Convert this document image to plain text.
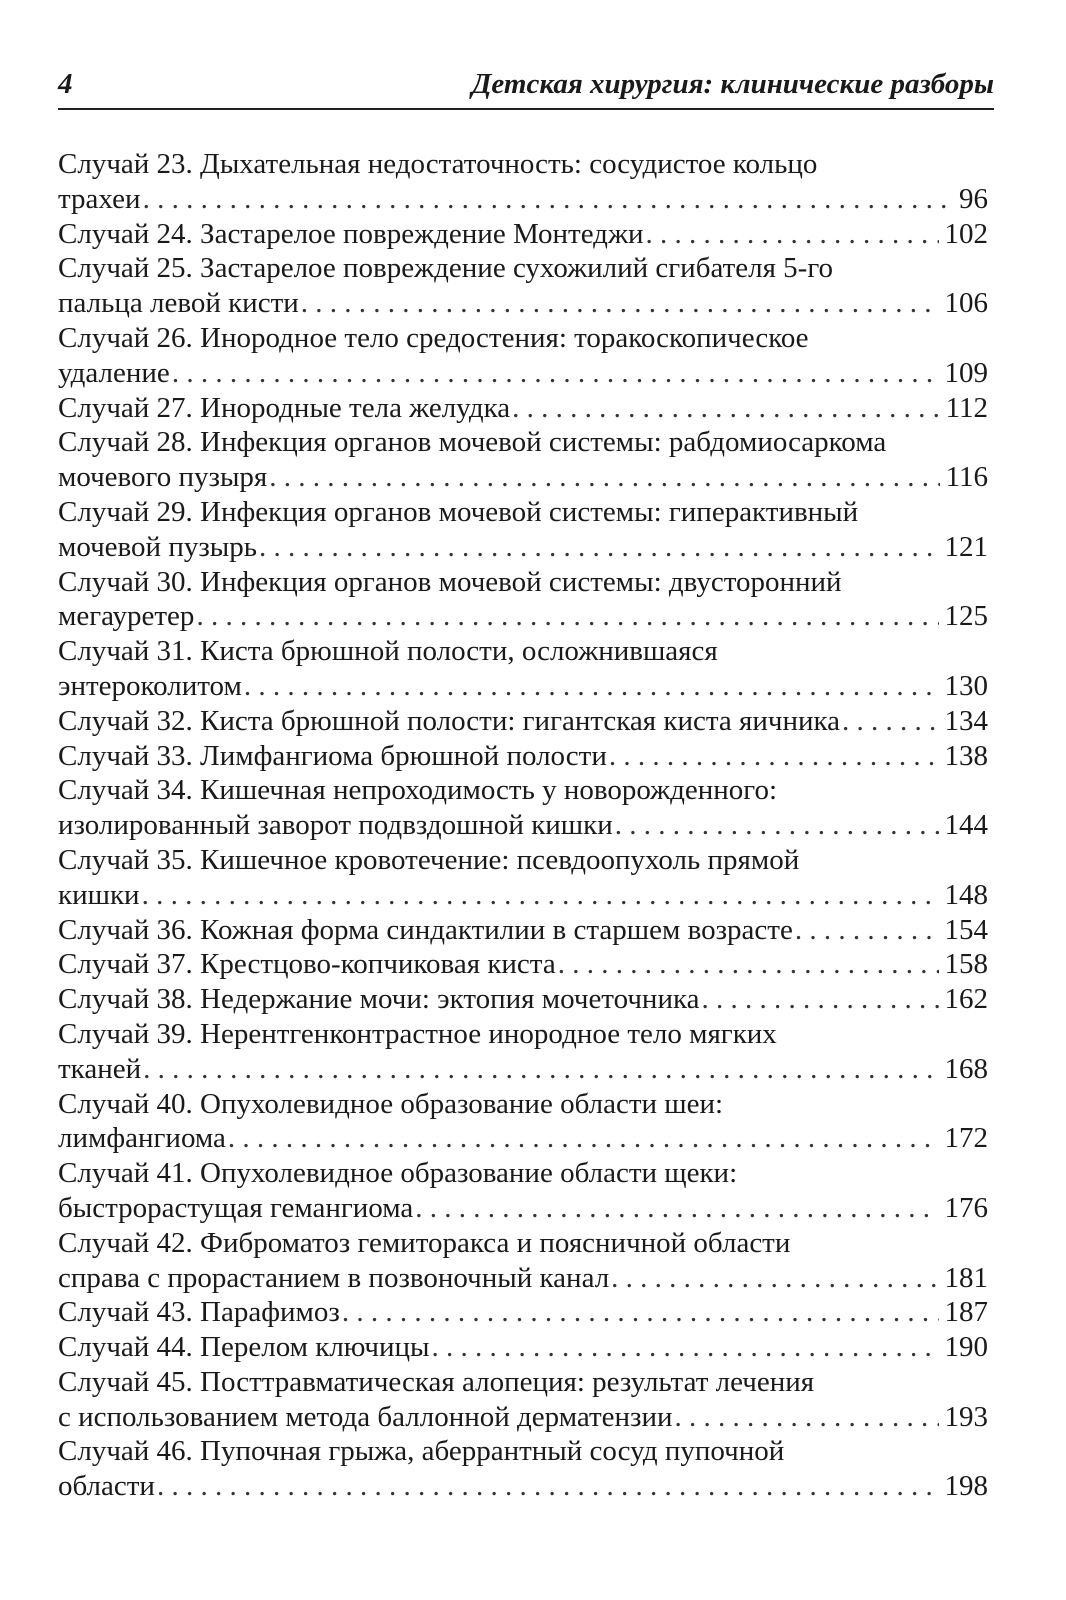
4	Детская хирургия: клинические разборы
Случай 23. Дыхательная недостаточность: сосудистое кольцо
трахеи . . .	96
Случай 24. Застарелое повреждение Монтеджи . . .	102
Случай 25. Застарелое повреждение сухожилий сгибателя 5-го
пальца левой кисти . . .	106
Случай 26. Инородное тело средостения: торакоскопическое
удаление . . .	109
Случай 27. Инородные тела желудка . . .	112
Случай 28. Инфекция органов мочевой системы: рабдомиосаркома
мочевого пузыря . . .	116
Случай 29. Инфекция органов мочевой системы: гиперактивный
мочевой пузырь . . .	121
Случай 30. Инфекция органов мочевой системы: двусторонний
мегауретер . . .	125
Случай 31. Киста брюшной полости, осложнившаяся
энтероколитом . . .	130
Случай 32. Киста брюшной полости: гигантская киста яичника . . .	134
Случай 33. Лимфангиома брюшной полости . . .	138
Случай 34. Кишечная непроходимость у новорожденного:
изолированный заворот подвздошной кишки . . .	144
Случай 35. Кишечное кровотечение: псевдоопухоль прямой
кишки . . .	148
Случай 36. Кожная форма синдактилии в старшем возрасте . . .	154
Случай 37. Крестцово-копчиковая киста . . .	158
Случай 38. Недержание мочи: эктопия мочеточника . . .	162
Случай 39. Нерентгенконтрастное инородное тело мягких
тканей . . .	168
Случай 40. Опухолевидное образование области шеи:
лимфангиома . . .	172
Случай 41. Опухолевидное образование области щеки:
быстрорастущая гемангиома . . .	176
Случай 42. Фиброматоз гемиторакса и поясничной области
справа с прорастанием в позвоночный канал . . .	181
Случай 43. Парафимоз . . .	187
Случай 44. Перелом ключицы . . .	190
Случай 45. Посттравматическая алопеция: результат лечения
с использованием метода баллонной дерматензии . . .	193
Случай 46. Пупочная грыжа, аберрантный сосуд пупочной
области . . .	198
